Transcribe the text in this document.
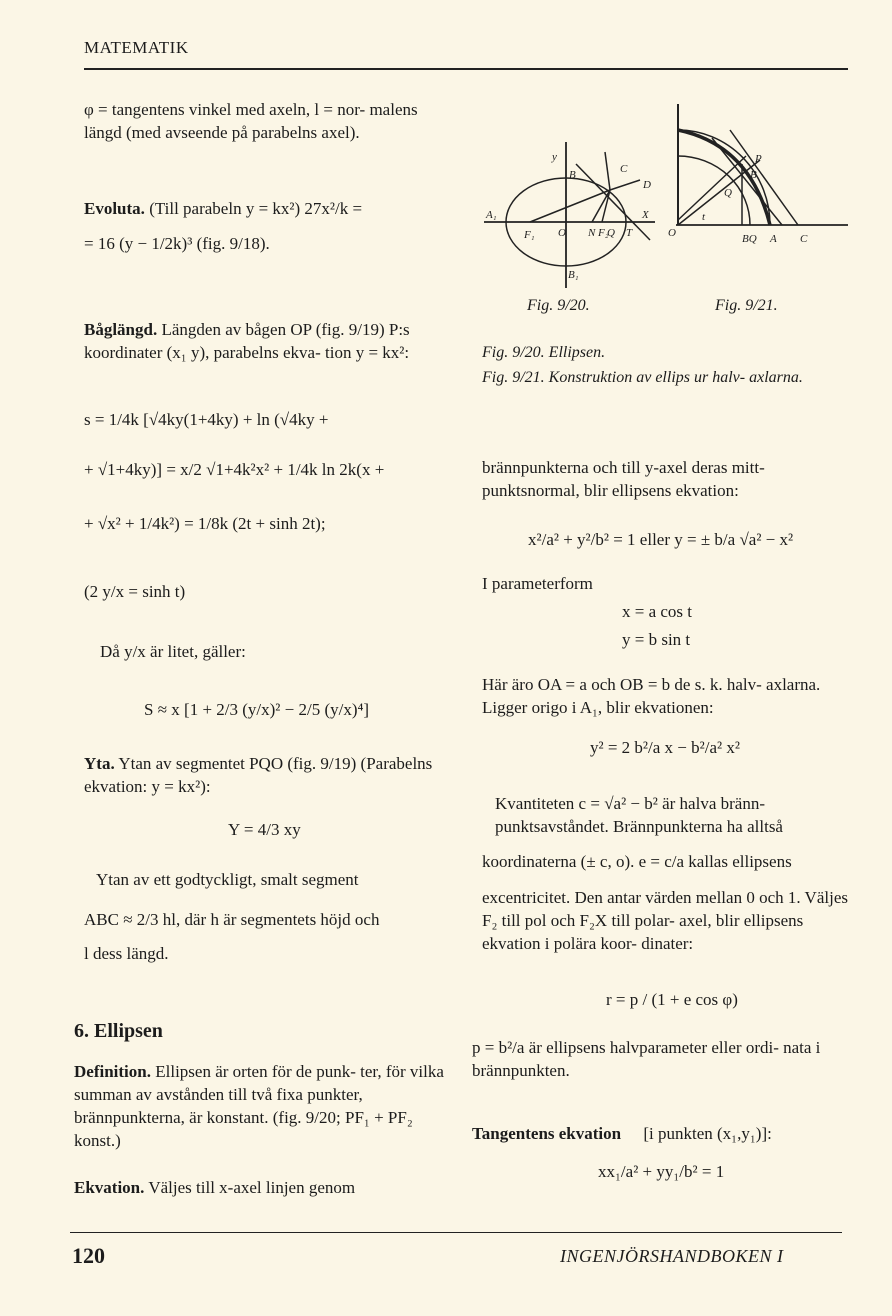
MATEMATIK

φ = tangentens vinkel med axeln, l = nor- malens längd (med avseende på parabelns axel).

Evoluta. (Till parabeln y = kx²) 27x²/k =

= 16 (y − 1/2k)³ (fig. 9/18).

Båglängd. Längden av bågen OP (fig. 9/19) P:s koordinater (x₁ y), parabelns ekva- tion y = kx²:

s = 1/4k [√4ky(1+4ky) + ln (√4ky +
+ √1+4ky)] = x/2 √1+4k²x² + 1/4k ln 2k(x +
+ √x² + 1/4k²) = 1/8k (2t + sinh 2t);
(2 y/x = sinh t)
Då y/x är litet, gäller:
S ≈ x [1 + 2/3 (y/x)² − 2/5 (y/x)⁴]

Yta. Ytan av segmentet PQO (fig. 9/19) (Parabelns ekvation: y = kx²):

Y = 4/3 xy
Ytan av ett godtyckligt, smalt segment
ABC ≈ 2/3 hl, där h är segmentets höjd och
l dess längd.
6. Ellipsen

Definition. Ellipsen är orten för de punk- ter, för vilka summan av avstånden till två fixa punkter, brännpunkterna, är konstant. (fig. 9/20; PF₁ + PF₂ konst.)

Ekvation. Väljes till x-axel linjen genom

y
B	C
D
A₁
F₁ O N F₂
Q T
X
B₁
P
Q
t
O	BQ A C
B
Fig. 9/20.	Fig. 9/21.
Fig. 9/20. Ellipsen.
Fig. 9/21. Konstruktion av ellips ur halv- axlarna.
brännpunkterna och till y-axel deras mitt- punktsnormal, blir ellipsens ekvation:
x²/a² + y²/b² = 1 eller y = ± b/a √a² − x²
I parameterform
x = a cos t
y = b sin t
Här äro OA = a och OB = b de s. k. halv- axlarna. Ligger origo i A₁, blir ekvationen:
y² = 2 b²/a x − b²/a² x²
Kvantiteten c = √a² − b² är halva bränn- punktsavståndet. Brännpunkterna ha alltså
koordinaterna (± c, o). e = c/a kallas ellipsens
excentricitet. Den antar värden mellan 0 och 1. Väljes F₂ till pol och F₂X till polar- axel, blir ellipsens ekvation i polära koor- dinater:
r = p / (1 + e cos φ)
p = b²/a är ellipsens halvparameter eller ordi- nata i brännpunkten.
Tangentens ekvation [i punkten (x₁,y₁)]:
xx₁/a² + yy₁/b² = 1
120	INGENJÖRSHANDBOKEN I
